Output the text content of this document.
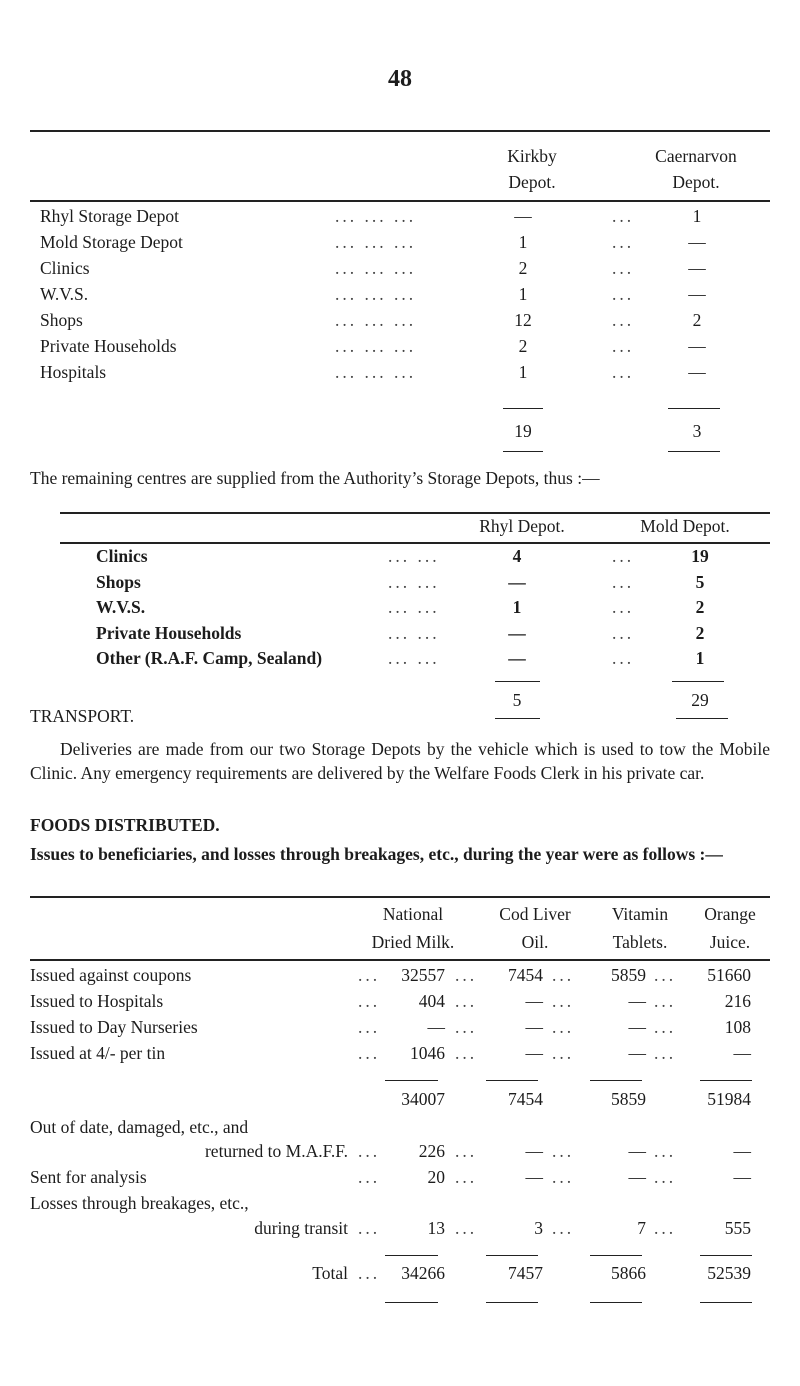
48
Kirkby
Depot.
Caernarvon
Depot.
Rhyl Storage Depot	... ... ...	—	...	1
Mold Storage Depot	... ... ...	1	...	—
Clinics	... ... ...	2	...	—
W.V.S.	... ... ...	1	...	—
Shops	... ... ...	12	...	2
Private Households	... ... ...	2	...	—
Hospitals	... ... ...	1	...	—
19	3

The remaining centres are supplied from the Authority’s Storage Depots, thus :—

Rhyl Depot.	Mold Depot.
Clinics	... ...	4	...	19
Shops	... ...	—	...	5
W.V.S.	... ...	1	...	2
Private Households	... ...	—	...	2
Other (R.A.F. Camp, Sealand)	... ...	—	...	1
5	29
TRANSPORT.

Deliveries are made from our two Storage Depots by the vehicle which is used to tow the Mobile Clinic. Any emergency requirements are delivered by the Welfare Foods Clerk in his private car.

FOODS DISTRIBUTED.

Issues to beneficiaries, and losses through breakages, etc., during the year were as follows :—

National
Dried Milk.
Cod Liver
Oil.
Vitamin
Tablets.
Orange
Juice.
Issued against coupons	...	32557 ...	7454 ...	5859 ...	51660
Issued to Hospitals	...	404 ...	— ...	— ...	216
Issued to Day Nurseries	...	— ...	— ...	— ...	108
Issued at 4/- per tin	...	1046 ...	— ...	— ...	—
34007	7454	5859	51984
Out of date, damaged, etc., and
returned to M.A.F.F. ...	226 ...	— ...	— ...	—
Sent for analysis	...	20 ...	— ...	— ...	—
Losses through breakages, etc.,
during transit ...	13 ...	3 ...	7 ...	555
Total ...	34266	7457	5866	52539
